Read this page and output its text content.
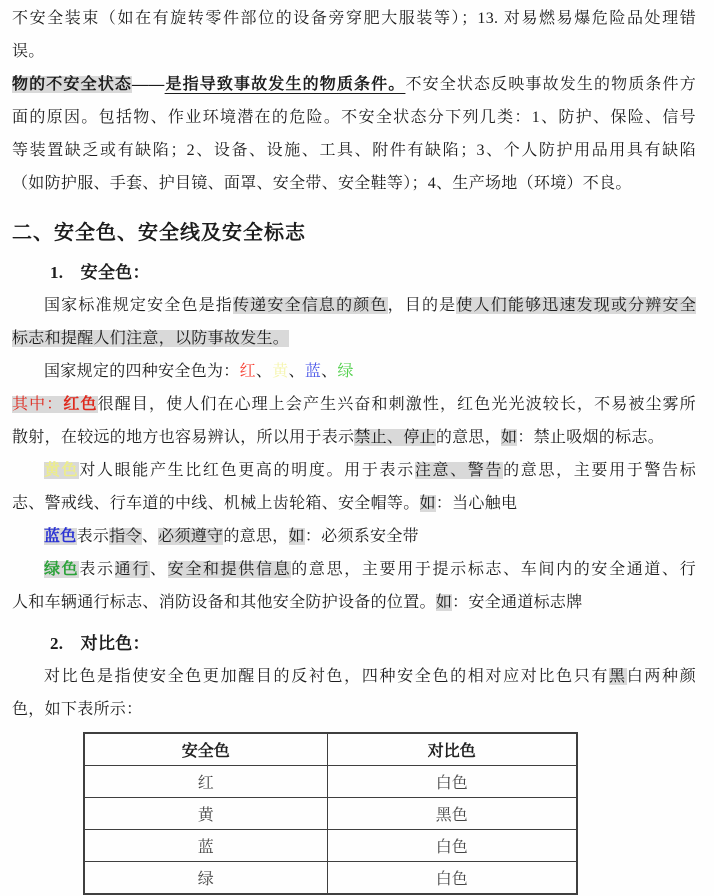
不安全装束（如在有旋转零件部位的设备旁穿肥大服装等）；13. 对易燃易爆危险品处理错
误。
物的不安全状态——是指导致事故发生的物质条件。不安全状态反映事故发生的物质条件方
面的原因。包括物、作业环境潜在的危险。不安全状态分下列几类：1、防护、保险、信号
等装置缺乏或有缺陷；2、设备、设施、工具、附件有缺陷；3、个人防护用品用具有缺陷
（如防护服、手套、护目镜、面罩、安全带、安全鞋等）；4、生产场地（环境）不良。
二、安全色、安全线及安全标志
1.　安全色：
国家标准规定安全色是指传递安全信息的颜色，目的是使人们能够迅速发现或分辨安全
标志和提醒人们注意，以防事故发生。
国家规定的四种安全色为：红、黄、蓝、绿
其中：红色很醒目，使人们在心理上会产生兴奋和刺激性，红色光光波较长，不易被尘雾所
散射，在较远的地方也容易辨认，所以用于表示禁止、停止的意思，如：禁止吸烟的标志。
黄色对人眼能产生比红色更高的明度。用于表示注意、警告的意思，主要用于警告标
志、警戒线、行车道的中线、机械上齿轮箱、安全帽等。如：当心触电
蓝色表示指令、必须遵守的意思，如：必须系安全带
绿色表示通行、安全和提供信息的意思，主要用于提示标志、车间内的安全通道、行
人和车辆通行标志、消防设备和其他安全防护设备的位置。如：安全通道标志牌
2.　对比色：
对比色是指使安全色更加醒目的反衬色，四种安全色的相对应对比色只有黑白两种颜
色，如下表所示：
安全色	对比色
红	白色
黄	黑色
蓝	白色
绿	白色
